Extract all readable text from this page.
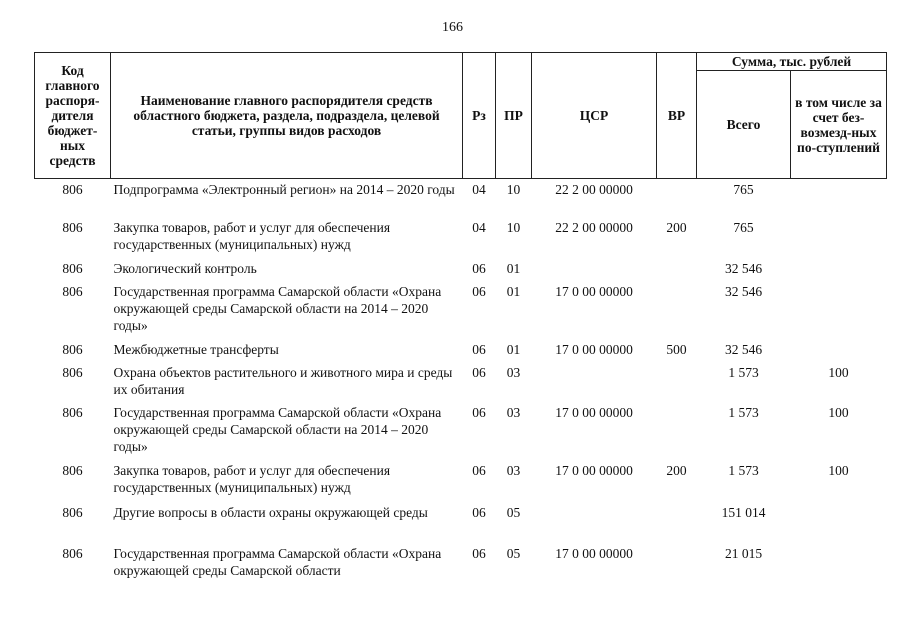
166
Код главного распоря-дителя бюджет-ных средств	Наименование главного распорядителя средств областного бюджета, раздела, подраздела, целевой статьи, группы видов расходов	Рз	ПР	ЦСР	ВР	Сумма, тыс. рублей	
						Всего	в том числе за счет без-возмезд-ных по-ступлений
806	Подпрограмма «Электронный регион» на 2014 – 2020 годы	04	10	22 2 00 00000		765	
806	Закупка товаров, работ и услуг для обеспечения государственных (муниципальных) нужд	04	10	22 2 00 00000	200	765	
806	Экологический контроль	06	01			32 546	
806	Государственная программа Самарской области «Охрана окружающей среды Самарской области на 2014 – 2020 годы»	06	01	17 0 00 00000		32 546	
806	Межбюджетные трансферты	06	01	17 0 00 00000	500	32 546	
806	Охрана объектов растительного и животного мира и среды их обитания	06	03			1 573	100
806	Государственная программа Самарской области «Охрана окружающей среды Самарской области на 2014 – 2020 годы»	06	03	17 0 00 00000		1 573	100
806	Закупка товаров, работ и услуг для обеспечения государственных (муниципальных) нужд	06	03	17 0 00 00000	200	1 573	100
806	Другие вопросы в области охраны окружающей среды	06	05			151 014	
806	Государственная программа Самарской области «Охрана окружающей среды Самарской области	06	05	17 0 00 00000		21 015	
